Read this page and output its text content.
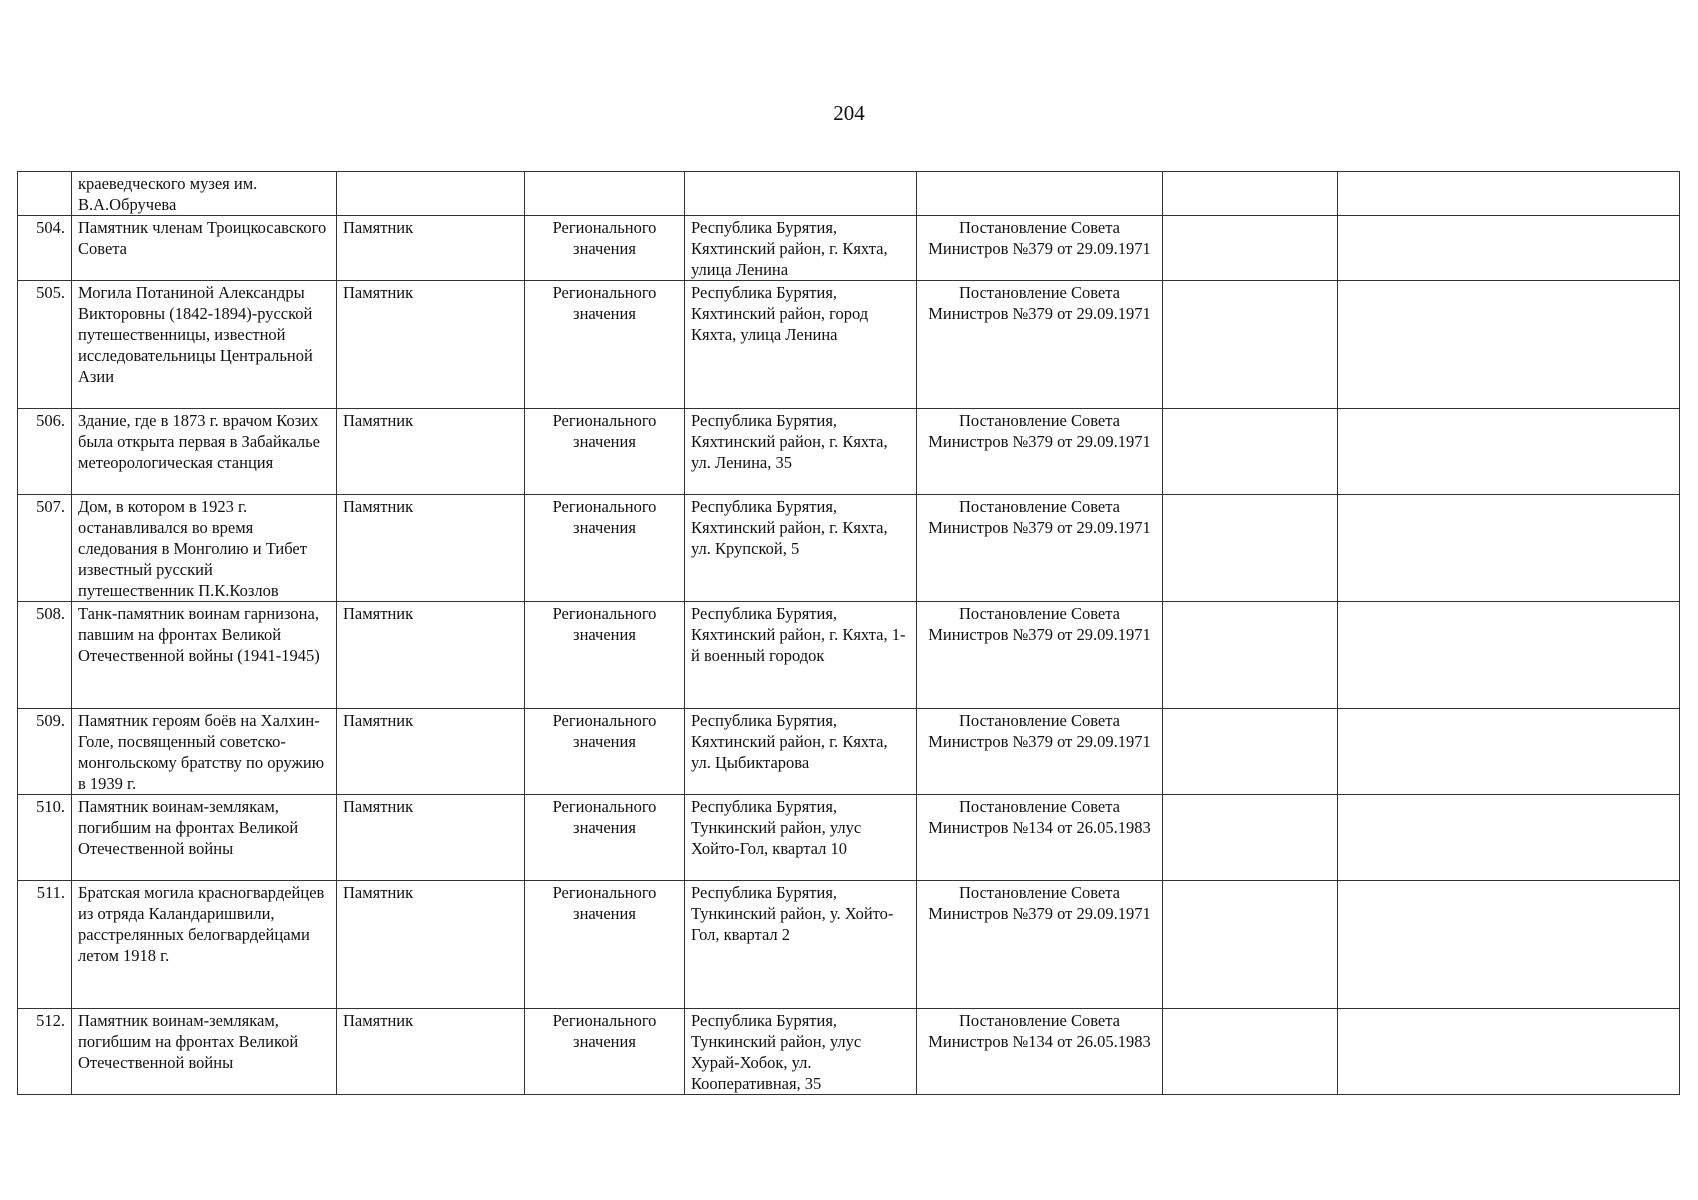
204
	краеведческого музея им. В.А.Обручева						
504.	Памятник членам Троицкосавского Совета	Памятник	Регионального значения	Республика Бурятия, Кяхтинский район, г. Кяхта, улица Ленина	Постановление Совета Министров №379 от 29.09.1971		
505.	Могила Потаниной Александры Викторовны (1842-1894)-русской путешественницы, известной исследовательницы Центральной Азии	Памятник	Регионального значения	Республика Бурятия, Кяхтинский район, город Кяхта, улица Ленина	Постановление Совета Министров №379 от 29.09.1971		
506.	Здание, где в 1873 г. врачом Козих была открыта первая в Забайкалье метеорологическая станция	Памятник	Регионального значения	Республика Бурятия, Кяхтинский район, г. Кяхта, ул. Ленина, 35	Постановление Совета Министров №379 от 29.09.1971		
507.	Дом, в котором в 1923 г. останавливался во время следования в Монголию и Тибет известный русский путешественник П.К.Козлов	Памятник	Регионального значения	Республика Бурятия, Кяхтинский район, г. Кяхта, ул. Крупской, 5	Постановление Совета Министров №379 от 29.09.1971		
508.	Танк-памятник воинам гарнизона, павшим на фронтах Великой Отечественной войны (1941-1945)	Памятник	Регионального значения	Республика Бурятия, Кяхтинский район, г. Кяхта, 1-й военный городок	Постановление Совета Министров №379 от 29.09.1971		
509.	Памятник героям боёв на Халхин-Голе, посвященный советско-монгольскому братству по оружию в 1939 г.	Памятник	Регионального значения	Республика Бурятия, Кяхтинский район, г. Кяхта, ул. Цыбиктарова	Постановление Совета Министров №379 от 29.09.1971		
510.	Памятник воинам-землякам, погибшим на фронтах Великой Отечественной войны	Памятник	Регионального значения	Республика Бурятия, Тункинский район, улус Хойто-Гол, квартал 10	Постановление Совета Министров №134 от 26.05.1983		
511.	Братская могила красногвардейцев из отряда Каландаришвили, расстрелянных белогвардейцами летом 1918 г.	Памятник	Регионального значения	Республика Бурятия, Тункинский район, у. Хойто-Гол, квартал 2	Постановление Совета Министров №379 от 29.09.1971		
512.	Памятник воинам-землякам, погибшим на фронтах Великой Отечественной войны	Памятник	Регионального значения	Республика Бурятия, Тункинский район, улус Хурай-Хобок, ул. Кооперативная, 35	Постановление Совета Министров №134 от 26.05.1983		
